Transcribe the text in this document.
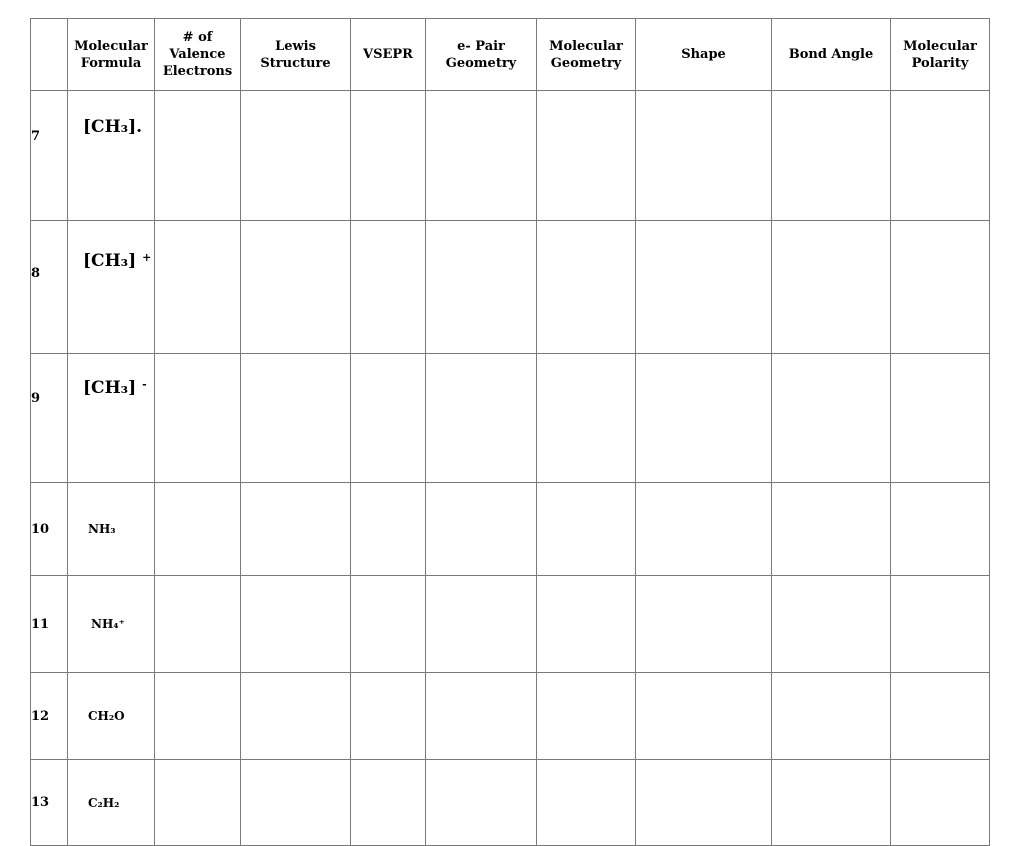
	Molecular
Formula	# of
Valence
Electrons	Lewis
Structure	VSEPR	e- Pair
Geometry	Molecular
Geometry	Shape	Bond Angle	Molecular
Polarity
7	[CH₃].								
8	[CH₃] +								
9	[CH₃] -								
10	NH₃								
11	NH₄⁺								
12	CH₂O								
13	C₂H₂								
